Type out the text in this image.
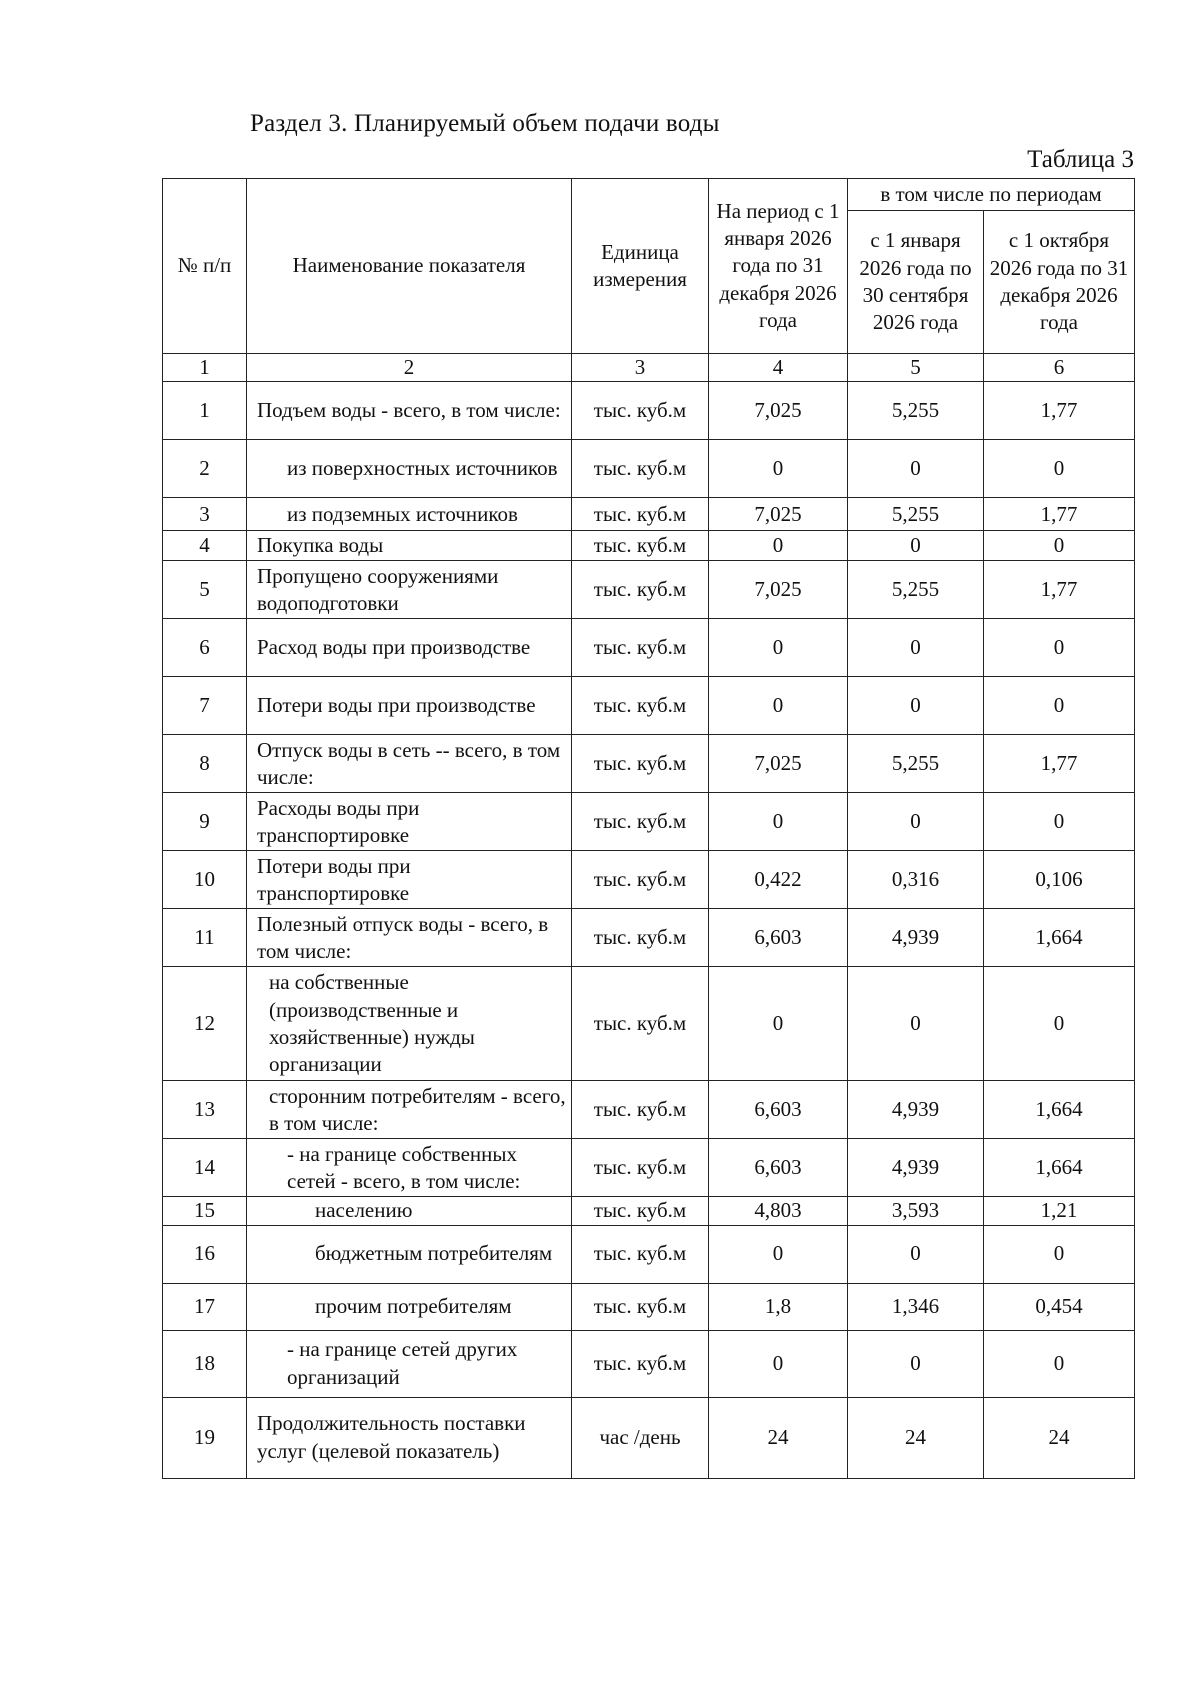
Раздел 3. Планируемый объем подачи воды
Таблица 3
№ п/п	Наименование показателя	Единица измерения	На период с 1 января 2026 года по 31 декабря 2026 года	в том числе по периодам	
				с 1 января 2026 года по 30 сентября 2026 года	с 1 октября 2026 года по 31 декабря 2026 года
1	2	3	4	5	6
1	Подъем воды - всего, в том числе:	тыс. куб.м	7,025	5,255	1,77
2	из поверхностных источников	тыс. куб.м	0	0	0
3	из подземных источников	тыс. куб.м	7,025	5,255	1,77
4	Покупка воды	тыс. куб.м	0	0	0
5	Пропущено сооружениями водоподготовки	тыс. куб.м	7,025	5,255	1,77
6	Расход воды при производстве	тыс. куб.м	0	0	0
7	Потери воды при производстве	тыс. куб.м	0	0	0
8	Отпуск воды в сеть -- всего, в том числе:	тыс. куб.м	7,025	5,255	1,77
9	Расходы воды при транспортировке	тыс. куб.м	0	0	0
10	Потери воды при транспортировке	тыс. куб.м	0,422	0,316	0,106
11	Полезный отпуск воды - всего, в том числе:	тыс. куб.м	6,603	4,939	1,664
12	на собственные (производственные и хозяйственные) нужды организации	тыс. куб.м	0	0	0
13	сторонним потребителям - всего, в том числе:	тыс. куб.м	6,603	4,939	1,664
14	- на границе собственных сетей - всего, в том числе:	тыс. куб.м	6,603	4,939	1,664
15	населению	тыс. куб.м	4,803	3,593	1,21
16	бюджетным потребителям	тыс. куб.м	0	0	0
17	прочим потребителям	тыс. куб.м	1,8	1,346	0,454
18	- на границе сетей других организаций	тыс. куб.м	0	0	0
19	Продолжительность поставки услуг (целевой показатель)	час /день	24	24	24
